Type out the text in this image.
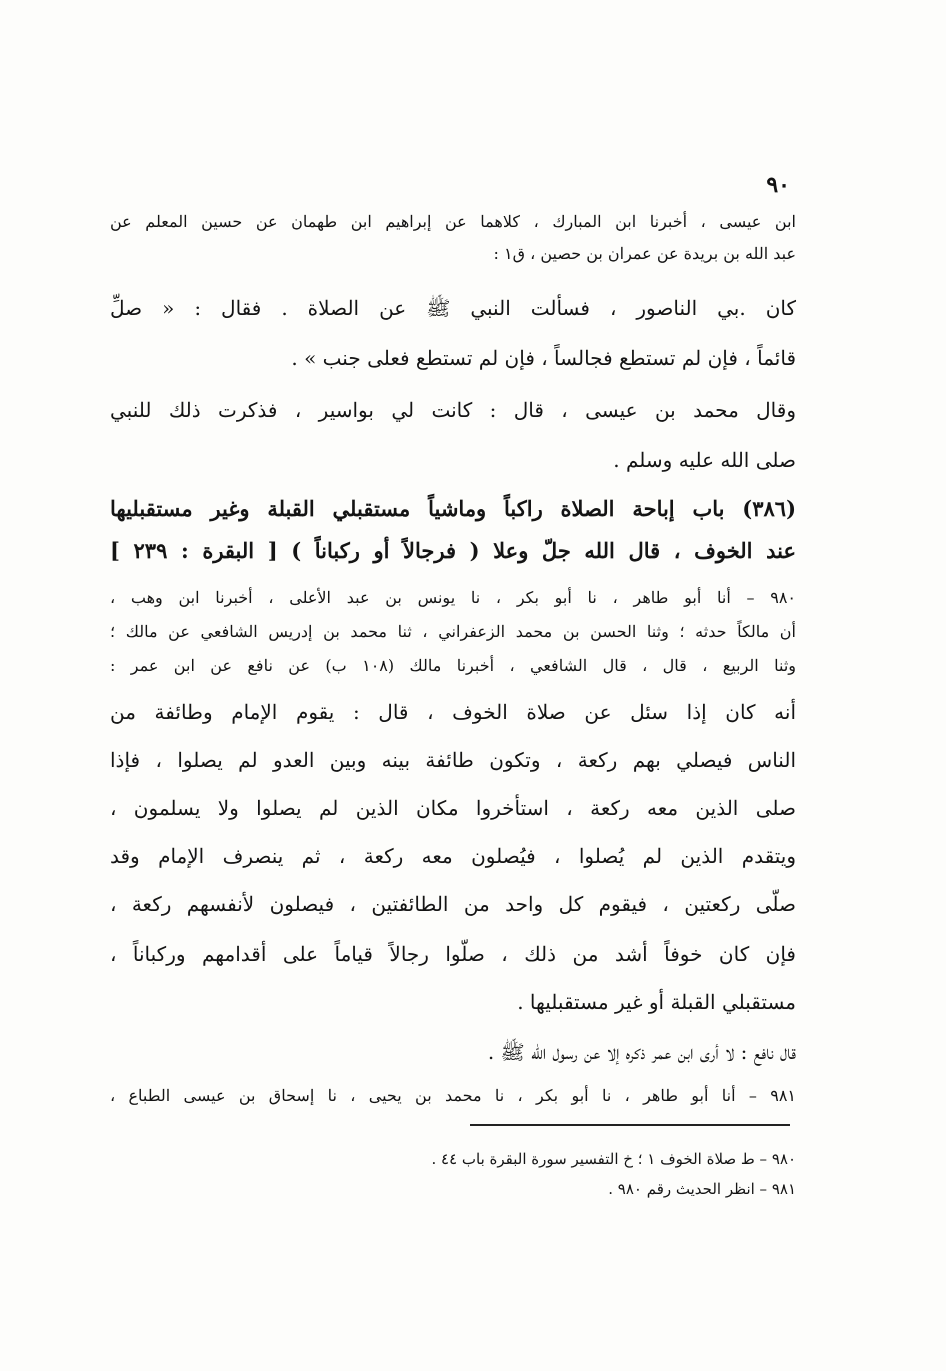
٩٠
ابن عيسى ، أخبرنا ابن المبارك ، كلاهما عن إبراهيم ابن طهمان عن حسين المعلم عن
عبد الله بن بريدة عن عمران بن حصين ، ق١ :
كان .بي الناصور ، فسألت النبي ﷺ عن الصلاة . فقال : « صلِّ
قائماً ، فإن لم تستطع فجالساً ، فإن لم تستطع فعلى جنب » .
وقال محمد بن عيسى ، قال : كانت لي بواسير ، فذكرت ذلك للنبي
صلى الله عليه وسلم .
(٣٨٦) باب إباحة الصلاة راكباً وماشياً مستقبلي القبلة وغير مستقبليها
عند الخوف ، قال الله جلّ وعلا ( فرجالاً أو ركباناً ) [ البقرة : ٢٣٩ ]
٩٨٠ – أنا أبو طاهر ، نا أبو بكر ، نا يونس بن عبد الأعلى ، أخبرنا ابن وهب ،
أن مالكاً حدثه ؛ وثنا الحسن بن محمد الزعفراني ، ثنا محمد بن إدريس الشافعي عن مالك ؛
وثنا الربيع ، قال ، قال الشافعي ، أخبرنا مالك (١٠٨ ب) عن نافع عن ابن عمر :
أنه كان إذا سئل عن صلاة الخوف ، قال : يقوم الإمام وطائفة من
الناس فيصلي بهم ركعة ، وتكون طائفة بينه وبين العدو لم يصلوا ، فإذا
صلى الذين معه ركعة ، استأخروا مكان الذين لم يصلوا ولا يسلمون ،
ويتقدم الذين لم يُصلوا ، فيُصلون معه ركعة ، ثم ينصرف الإمام وقد
صلّى ركعتين ، فيقوم كل واحد من الطائفتين ، فيصلون لأنفسهم ركعة ،
فإن كان خوفاً أشد من ذلك ، صلّوا رجالاً قياماً على أقدامهم وركباناً ،
مستقبلي القبلة أو غير مستقبليها .
قال نافع : لا أرى ابن عمر ذكره إلا عن رسول الله ﷺ .
٩٨١ – أنا أبو طاهر ، نا أبو بكر ، نا محمد بن يحيى ، نا إسحاق بن عيسى الطباع ،
٩٨٠ – ط صلاة الخوف ١ ؛ خ التفسير سورة البقرة باب ٤٤ .
٩٨١ – انظر الحديث رقم ٩٨٠ .
